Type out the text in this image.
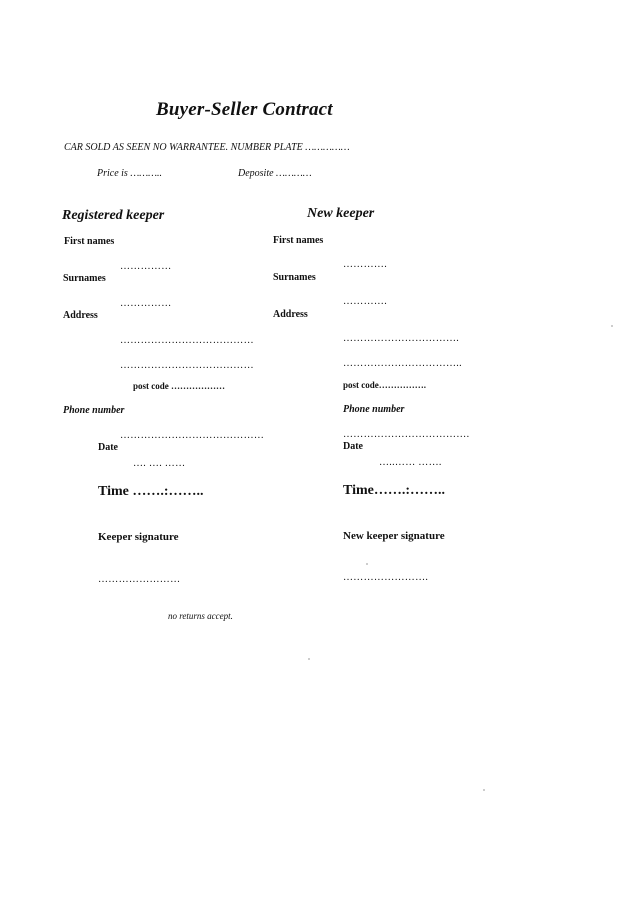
Buyer-Seller Contract
CAR SOLD AS SEEN NO WARRANTEE. NUMBER PLATE ……………
Price is ………..	Deposite …………
Registered keeper
First names
……………
Surnames
……………
Address
…………………………………
…………………………………
post code ………………
Phone number
……………………………………
Date
…. …. ……
Time …….:……..
Keeper signature
……………………
New keeper
First names
………….
Surnames
………….
Address
…………………………….
……………………………..
post code…………….
Phone number
……………………………….
Date
…..…… …….
Time…….:……..
New keeper signature
…………………….
no returns accept.
